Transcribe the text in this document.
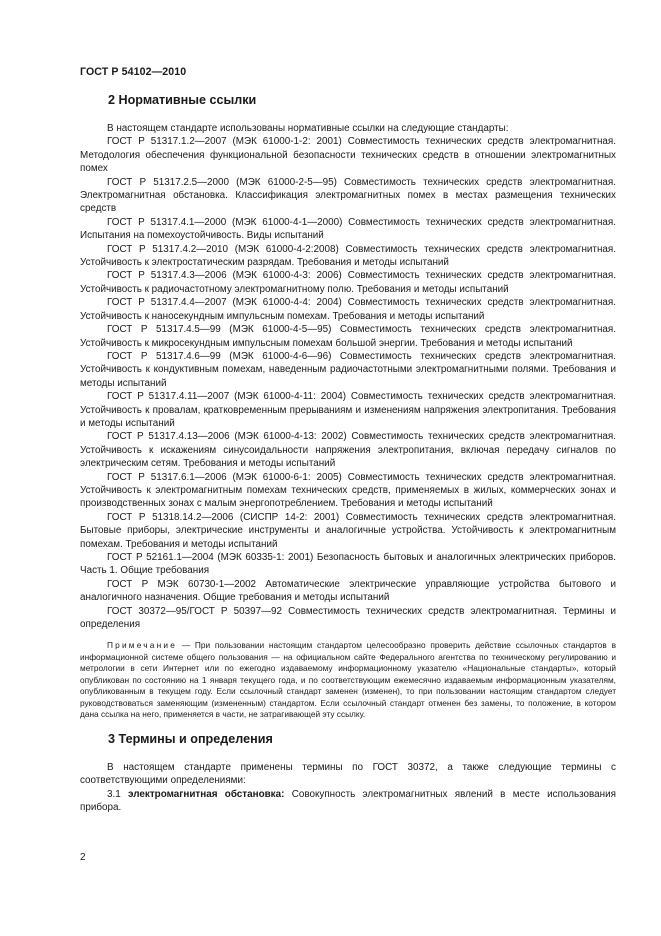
ГОСТ Р 54102—2010
2 Нормативные ссылки

В настоящем стандарте использованы нормативные ссылки на следующие стандарты:

ГОСТ Р 51317.1.2—2007 (МЭК 61000-1-2: 2001) Совместимость технических средств электромагнитная. Методология обеспечения функциональной безопасности технических средств в отношении электромагнитных помех

ГОСТ Р 51317.2.5—2000 (МЭК 61000-2-5—95) Совместимость технических средств электромагнитная. Электромагнитная обстановка. Классификация электромагнитных помех в местах размещения технических средств

ГОСТ Р 51317.4.1—2000 (МЭК 61000-4-1—2000) Совместимость технических средств электромагнитная. Испытания на помехоустойчивость. Виды испытаний

ГОСТ Р 51317.4.2—2010 (МЭК 61000-4-2:2008) Совместимость технических средств электромагнитная. Устойчивость к электростатическим разрядам. Требования и методы испытаний

ГОСТ Р 51317.4.3—2006 (МЭК 61000-4-3: 2006) Совместимость технических средств электромагнитная. Устойчивость к радиочастотному электромагнитному полю. Требования и методы испытаний

ГОСТ Р 51317.4.4—2007 (МЭК 61000-4-4: 2004) Совместимость технических средств электромагнитная. Устойчивость к наносекундным импульсным помехам. Требования и методы испытаний

ГОСТ Р 51317.4.5—99 (МЭК 61000-4-5—95) Совместимость технических средств электромагнитная. Устойчивость к микросекундным импульсным помехам большой энергии. Требования и методы испытаний

ГОСТ Р 51317.4.6—99 (МЭК 61000-4-6—96) Совместимость технических средств электромагнитная. Устойчивость к кондуктивным помехам, наведенным радиочастотными электромагнитными полями. Требования и методы испытаний

ГОСТ Р 51317.4.11—2007 (МЭК 61000-4-11: 2004) Совместимость технических средств электромагнитная. Устойчивость к провалам, кратковременным прерываниям и изменениям напряжения электропитания. Требования и методы испытаний

ГОСТ Р 51317.4.13—2006 (МЭК 61000-4-13: 2002) Совместимость технических средств электромагнитная. Устойчивость к искажениям синусоидальности напряжения электропитания, включая передачу сигналов по электрическим сетям. Требования и методы испытаний

ГОСТ Р 51317.6.1—2006 (МЭК 61000-6-1: 2005) Совместимость технических средств электромагнитная. Устойчивость к электромагнитным помехам технических средств, применяемых в жилых, коммерческих зонах и производственных зонах с малым энергопотреблением. Требования и методы испытаний

ГОСТ Р 51318.14.2—2006 (СИСПР 14-2: 2001) Совместимость технических средств электромагнитная. Бытовые приборы, электрические инструменты и аналогичные устройства. Устойчивость к электромагнитным помехам. Требования и методы испытаний

ГОСТ Р 52161.1—2004 (МЭК 60335-1: 2001) Безопасность бытовых и аналогичных электрических приборов. Часть 1. Общие требования

ГОСТ Р МЭК 60730-1—2002 Автоматические электрические управляющие устройства бытового и аналогичного назначения. Общие требования и методы испытаний

ГОСТ 30372—95/ГОСТ Р 50397—92 Совместимость технических средств электромагнитная. Термины и определения

Примечание — При пользовании настоящим стандартом целесообразно проверить действие ссылочных стандартов в информационной системе общего пользования — на официальном сайте Федерального агентства по техническому регулированию и метрологии в сети Интернет или по ежегодно издаваемому информационному указателю «Национальные стандарты», который опубликован по состоянию на 1 января текущего года, и по соответствующим ежемесячно издаваемым информационным указателям, опубликованным в текущем году. Если ссылочный стандарт заменен (изменен), то при пользовании настоящим стандартом следует руководствоваться заменяющим (измененным) стандартом. Если ссылочный стандарт отменен без замены, то положение, в котором дана ссылка на него, применяется в части, не затрагивающей эту ссылку.

3 Термины и определения

В настоящем стандарте применены термины по ГОСТ 30372, а также следующие термины с соответствующими определениями:

3.1 электромагнитная обстановка: Совокупность электромагнитных явлений в месте использования прибора.

2
